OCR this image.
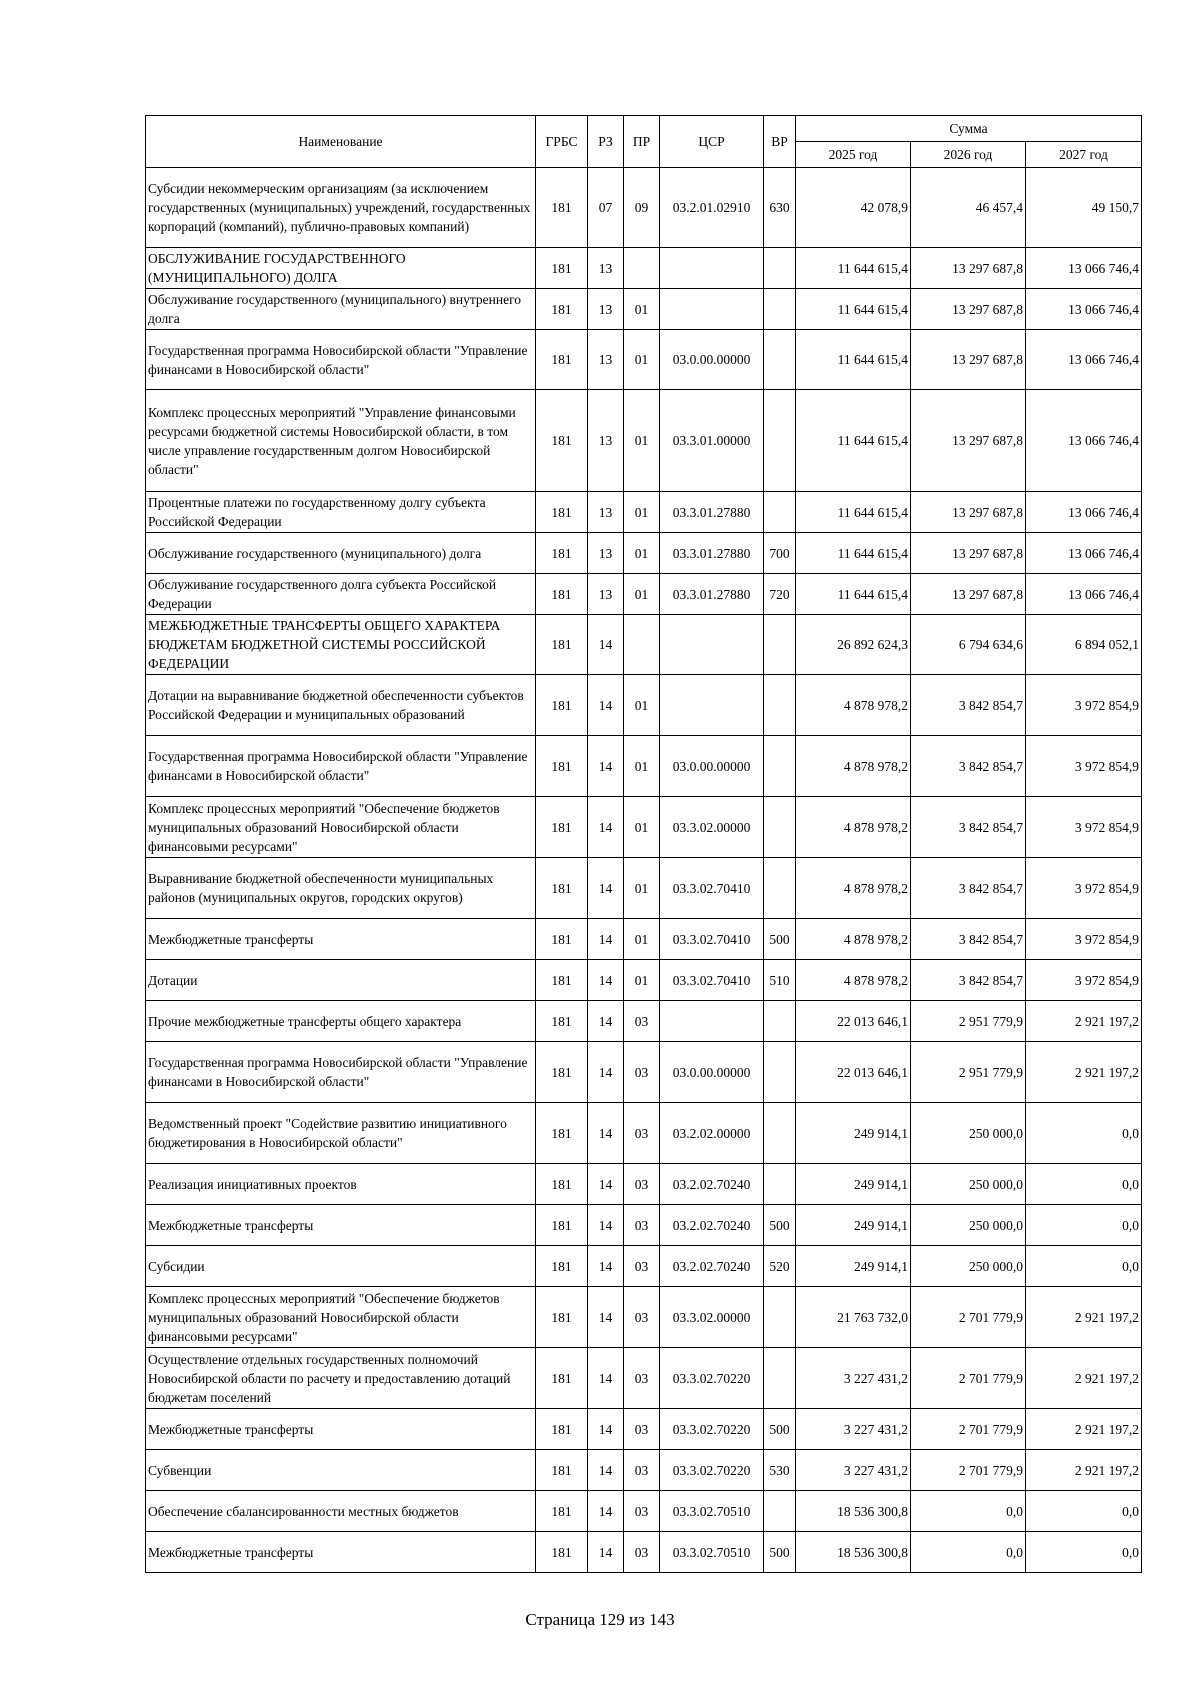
Наименование	ГРБС	РЗ	ПР	ЦСР	ВР	Сумма		
						2025 год	2026 год	2027 год
Субсидии некоммерческим организациям (за исключением государственных (муниципальных) учреждений, государственных корпораций (компаний), публично-правовых компаний)	181	07	09	03.2.01.02910	630	42 078,9	46 457,4	49 150,7
ОБСЛУЖИВАНИЕ ГОСУДАРСТВЕННОГО (МУНИЦИПАЛЬНОГО) ДОЛГА	181	13				11 644 615,4	13 297 687,8	13 066 746,4
Обслуживание государственного (муниципального) внутреннего долга	181	13	01			11 644 615,4	13 297 687,8	13 066 746,4
Государственная программа Новосибирской области "Управление финансами в Новосибирской области"	181	13	01	03.0.00.00000		11 644 615,4	13 297 687,8	13 066 746,4
Комплекс процессных мероприятий "Управление финансовыми ресурсами бюджетной системы Новосибирской области, в том числе управление государственным долгом Новосибирской области"	181	13	01	03.3.01.00000		11 644 615,4	13 297 687,8	13 066 746,4
Процентные платежи по государственному долгу субъекта Российской Федерации	181	13	01	03.3.01.27880		11 644 615,4	13 297 687,8	13 066 746,4
Обслуживание государственного (муниципального) долга	181	13	01	03.3.01.27880	700	11 644 615,4	13 297 687,8	13 066 746,4
Обслуживание государственного долга субъекта Российской Федерации	181	13	01	03.3.01.27880	720	11 644 615,4	13 297 687,8	13 066 746,4
МЕЖБЮДЖЕТНЫЕ ТРАНСФЕРТЫ ОБЩЕГО ХАРАКТЕРА БЮДЖЕТАМ БЮДЖЕТНОЙ СИСТЕМЫ РОССИЙСКОЙ ФЕДЕРАЦИИ	181	14				26 892 624,3	6 794 634,6	6 894 052,1
Дотации на выравнивание бюджетной обеспеченности субъектов Российской Федерации и муниципальных образований	181	14	01			4 878 978,2	3 842 854,7	3 972 854,9
Государственная программа Новосибирской области "Управление финансами в Новосибирской области"	181	14	01	03.0.00.00000		4 878 978,2	3 842 854,7	3 972 854,9
Комплекс процессных мероприятий "Обеспечение бюджетов муниципальных образований Новосибирской области финансовыми ресурсами"	181	14	01	03.3.02.00000		4 878 978,2	3 842 854,7	3 972 854,9
Выравнивание бюджетной обеспеченности муниципальных районов (муниципальных округов, городских округов)	181	14	01	03.3.02.70410		4 878 978,2	3 842 854,7	3 972 854,9
Межбюджетные трансферты	181	14	01	03.3.02.70410	500	4 878 978,2	3 842 854,7	3 972 854,9
Дотации	181	14	01	03.3.02.70410	510	4 878 978,2	3 842 854,7	3 972 854,9
Прочие межбюджетные трансферты общего характера	181	14	03			22 013 646,1	2 951 779,9	2 921 197,2
Государственная программа Новосибирской области "Управление финансами в Новосибирской области"	181	14	03	03.0.00.00000		22 013 646,1	2 951 779,9	2 921 197,2
Ведомственный проект "Содействие развитию инициативного бюджетирования в Новосибирской области"	181	14	03	03.2.02.00000		249 914,1	250 000,0	0,0
Реализация инициативных проектов	181	14	03	03.2.02.70240		249 914,1	250 000,0	0,0
Межбюджетные трансферты	181	14	03	03.2.02.70240	500	249 914,1	250 000,0	0,0
Субсидии	181	14	03	03.2.02.70240	520	249 914,1	250 000,0	0,0
Комплекс процессных мероприятий "Обеспечение бюджетов муниципальных образований Новосибирской области финансовыми ресурсами"	181	14	03	03.3.02.00000		21 763 732,0	2 701 779,9	2 921 197,2
Осуществление отдельных государственных полномочий Новосибирской области по расчету и предоставлению дотаций бюджетам поселений	181	14	03	03.3.02.70220		3 227 431,2	2 701 779,9	2 921 197,2
Межбюджетные трансферты	181	14	03	03.3.02.70220	500	3 227 431,2	2 701 779,9	2 921 197,2
Субвенции	181	14	03	03.3.02.70220	530	3 227 431,2	2 701 779,9	2 921 197,2
Обеспечение сбалансированности местных бюджетов	181	14	03	03.3.02.70510		18 536 300,8	0,0	0,0
Межбюджетные трансферты	181	14	03	03.3.02.70510	500	18 536 300,8	0,0	0,0
Страница 129 из 143
